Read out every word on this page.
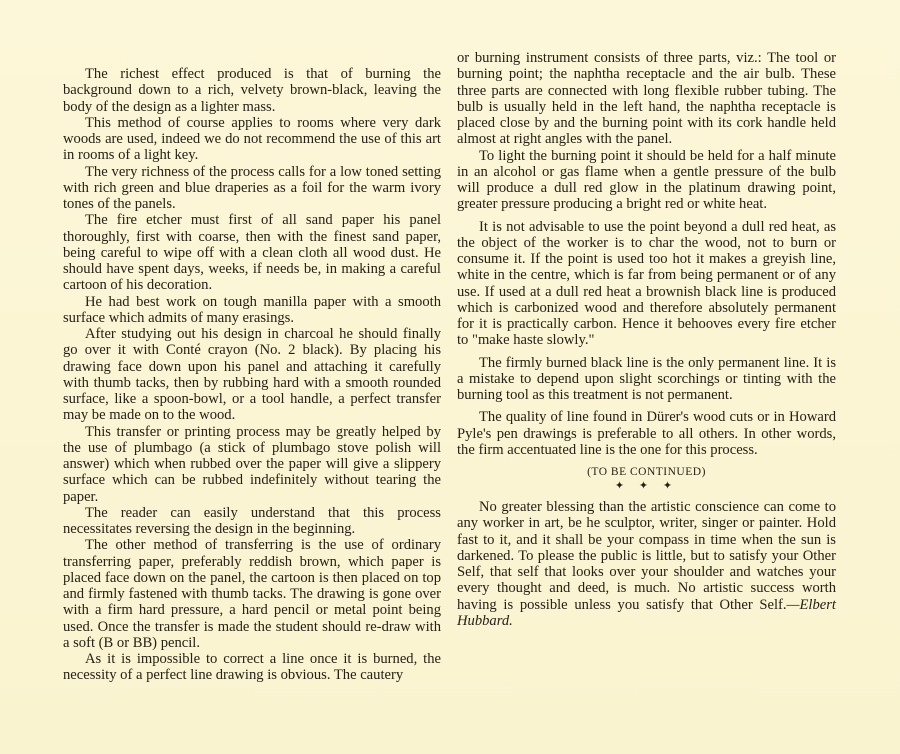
The richest effect produced is that of burning the background down to a rich, velvety brown-black, leaving the body of the design as a lighter mass.

This method of course applies to rooms where very dark woods are used, indeed we do not recommend the use of this art in rooms of a light key.

The very richness of the process calls for a low toned setting with rich green and blue draperies as a foil for the warm ivory tones of the panels.

The fire etcher must first of all sand paper his panel thoroughly, first with coarse, then with the finest sand paper, being careful to wipe off with a clean cloth all wood dust. He should have spent days, weeks, if needs be, in making a careful cartoon of his decoration.

He had best work on tough manilla paper with a smooth surface which admits of many erasings.

After studying out his design in charcoal he should finally go over it with Conté crayon (No. 2 black). By placing his drawing face down upon his panel and attaching it carefully with thumb tacks, then by rubbing hard with a smooth rounded surface, like a spoon-bowl, or a tool handle, a perfect transfer may be made on to the wood.

This transfer or printing process may be greatly helped by the use of plumbago (a stick of plumbago stove polish will answer) which when rubbed over the paper will give a slippery surface which can be rubbed indefinitely without tearing the paper.

The reader can easily understand that this process necessitates reversing the design in the beginning.

The other method of transferring is the use of ordinary transferring paper, preferably reddish brown, which paper is placed face down on the panel, the cartoon is then placed on top and firmly fastened with thumb tacks. The drawing is gone over with a firm hard pressure, a hard pencil or metal point being used. Once the transfer is made the student should re-draw with a soft (B or BB) pencil.

As it is impossible to correct a line once it is burned, the necessity of a perfect line drawing is obvious. The cautery

or burning instrument consists of three parts, viz.: The tool or burning point; the naphtha receptacle and the air bulb. These three parts are connected with long flexible rubber tubing. The bulb is usually held in the left hand, the naphtha receptacle is placed close by and the burning point with its cork handle held almost at right angles with the panel.

To light the burning point it should be held for a half minute in an alcohol or gas flame when a gentle pressure of the bulb will produce a dull red glow in the platinum drawing point, greater pressure producing a bright red or white heat.

It is not advisable to use the point beyond a dull red heat, as the object of the worker is to char the wood, not to burn or consume it. If the point is used too hot it makes a greyish line, white in the centre, which is far from being permanent or of any use. If used at a dull red heat a brownish black line is produced which is carbonized wood and therefore absolutely permanent for it is practically carbon. Hence it behooves every fire etcher to "make haste slowly."

The firmly burned black line is the only permanent line. It is a mistake to depend upon slight scorchings or tinting with the burning tool as this treatment is not permanent.

The quality of line found in Dürer's wood cuts or in Howard Pyle's pen drawings is preferable to all others. In other words, the firm accentuated line is the one for this process.

(TO BE CONTINUED)
✦ ✦ ✦

No greater blessing than the artistic conscience can come to any worker in art, be he sculptor, writer, singer or painter. Hold fast to it, and it shall be your compass in time when the sun is darkened. To please the public is little, but to satisfy your Other Self, that self that looks over your shoulder and watches your every thought and deed, is much. No artistic success worth having is possible unless you satisfy that Other Self.—Elbert Hubbard.
